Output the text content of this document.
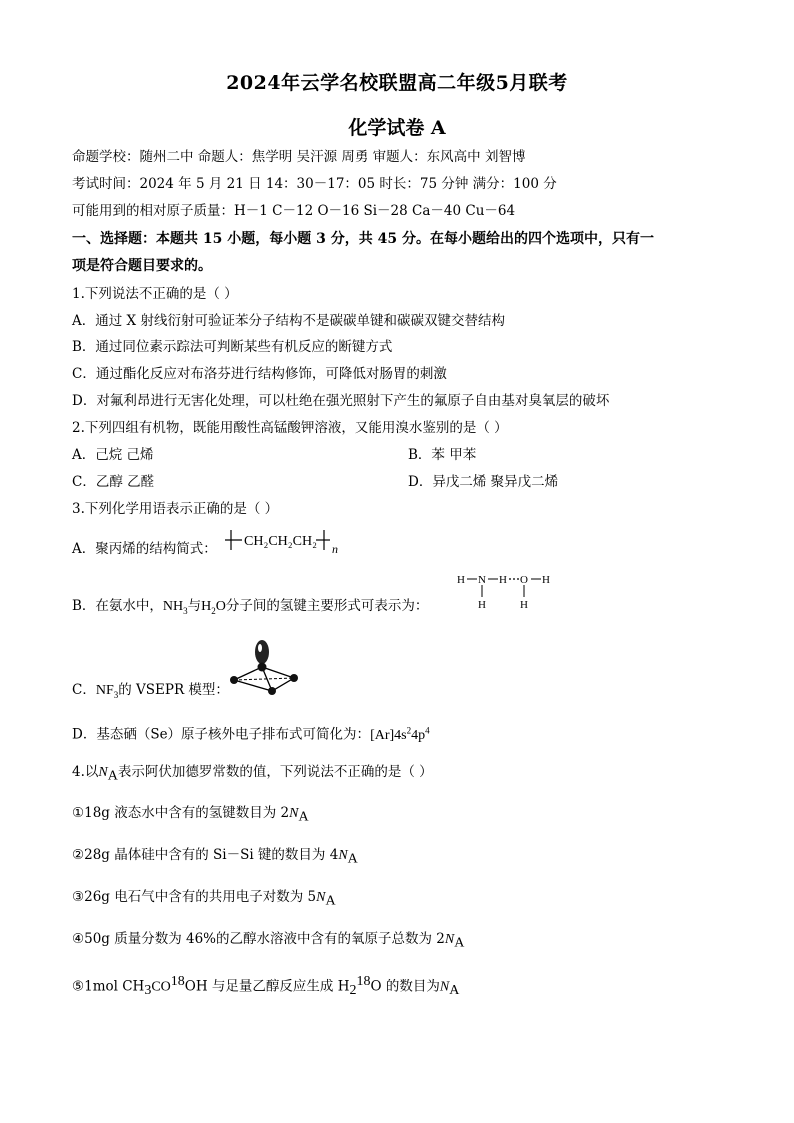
2024年云学名校联盟高二年级5月联考
化学试卷 A
命题学校：随州二中 命题人：焦学明 吴汗源 周勇 审题人：东风高中 刘智博
考试时间：2024 年 5 月 21 日 14：30－17：05 时长：75 分钟 满分：100 分
可能用到的相对原子质量：H－1 C－12 O－16 Si－28 Ca－40 Cu－64
一、选择题：本题共 15 小题，每小题 3 分，共 45 分。在每小题给出的四个选项中，只有一
项是符合题目要求的。
1.下列说法不正确的是（ ）
A．通过 X 射线衍射可验证苯分子结构不是碳碳单键和碳碳双键交替结构
B．通过同位素示踪法可判断某些有机反应的断键方式
C．通过酯化反应对布洛芬进行结构修饰，可降低对肠胃的刺激
D．对氟利昂进行无害化处理，可以杜绝在强光照射下产生的氟原子自由基对臭氧层的破坏
2.下列四组有机物，既能用酸性高锰酸钾溶液，又能用溴水鉴别的是（ ）
A．己烷 己烯	B．苯 甲苯
C．乙醇 乙醛	D．异戊二烯 聚异戊二烯
3.下列化学用语表示正确的是（ ）
A．聚丙烯的结构简式： CH₂CH₂CH₂ n
B．在氨水中，$NH_3$与$H_2O$分子间的氢键主要形式可表示为：
H N
H
H O
H
H
C．$NF_3$的 VSEPR 模型：
D．基态硒（Se）原子核外电子排布式可简化为：$[Ar]4s^24p^4$
4.以$N_A$表示阿伏加德罗常数的值，下列说法不正确的是（ ）
①18g 液态水中含有的氢键数目为 $2N_A$
②28g 晶体硅中含有的 Si－Si 键的数目为 $4N_A$
③26g 电石气中含有的共用电子对数为 $5N_A$
④50g 质量分数为 46%的乙醇水溶液中含有的氧原子总数为 $2N_A$
⑤1mol $CH_3CO^{18}OH$ 与足量乙醇反应生成 $H_2^{18}O$ 的数目为$N_A$
